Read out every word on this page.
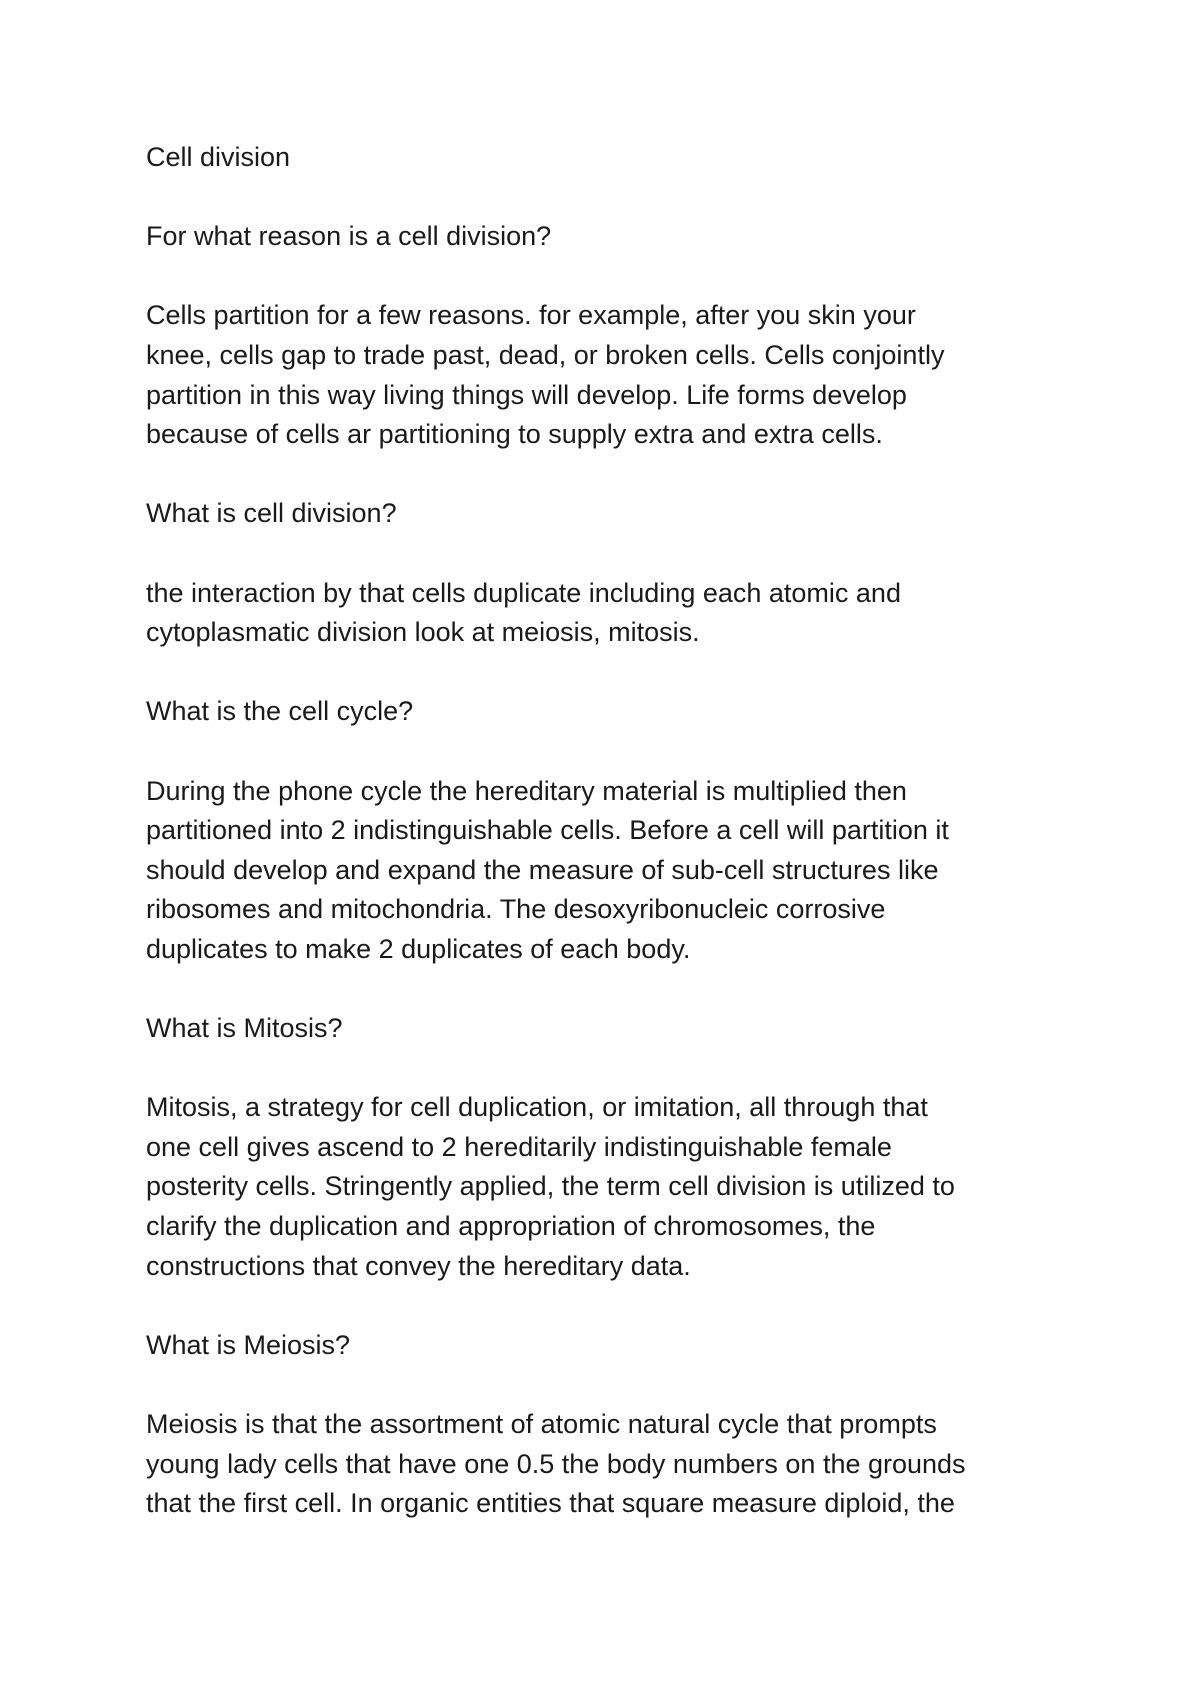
Cell division

For what reason is a cell division?

Cells partition for a few reasons. for example, after you skin your
knee, cells gap to trade past, dead, or broken cells. Cells conjointly
partition in this way living things will develop. Life forms develop
because of cells ar partitioning to supply extra and extra cells.

What is cell division?

the interaction by that cells duplicate including each atomic and
cytoplasmatic division look at meiosis, mitosis.

What is the cell cycle?

During the phone cycle the hereditary material is multiplied then
partitioned into 2 indistinguishable cells. Before a cell will partition it
should develop and expand the measure of sub-cell structures like
ribosomes and mitochondria. The desoxyribonucleic corrosive
duplicates to make 2 duplicates of each body.

What is Mitosis?

Mitosis, a strategy for cell duplication, or imitation, all through that
one cell gives ascend to 2 hereditarily indistinguishable female
posterity cells. Stringently applied, the term cell division is utilized to
clarify the duplication and appropriation of chromosomes, the
constructions that convey the hereditary data.

What is Meiosis?

Meiosis is that the assortment of atomic natural cycle that prompts
young lady cells that have one 0.5 the body numbers on the grounds
that the first cell. In organic entities that square measure diploid, the
